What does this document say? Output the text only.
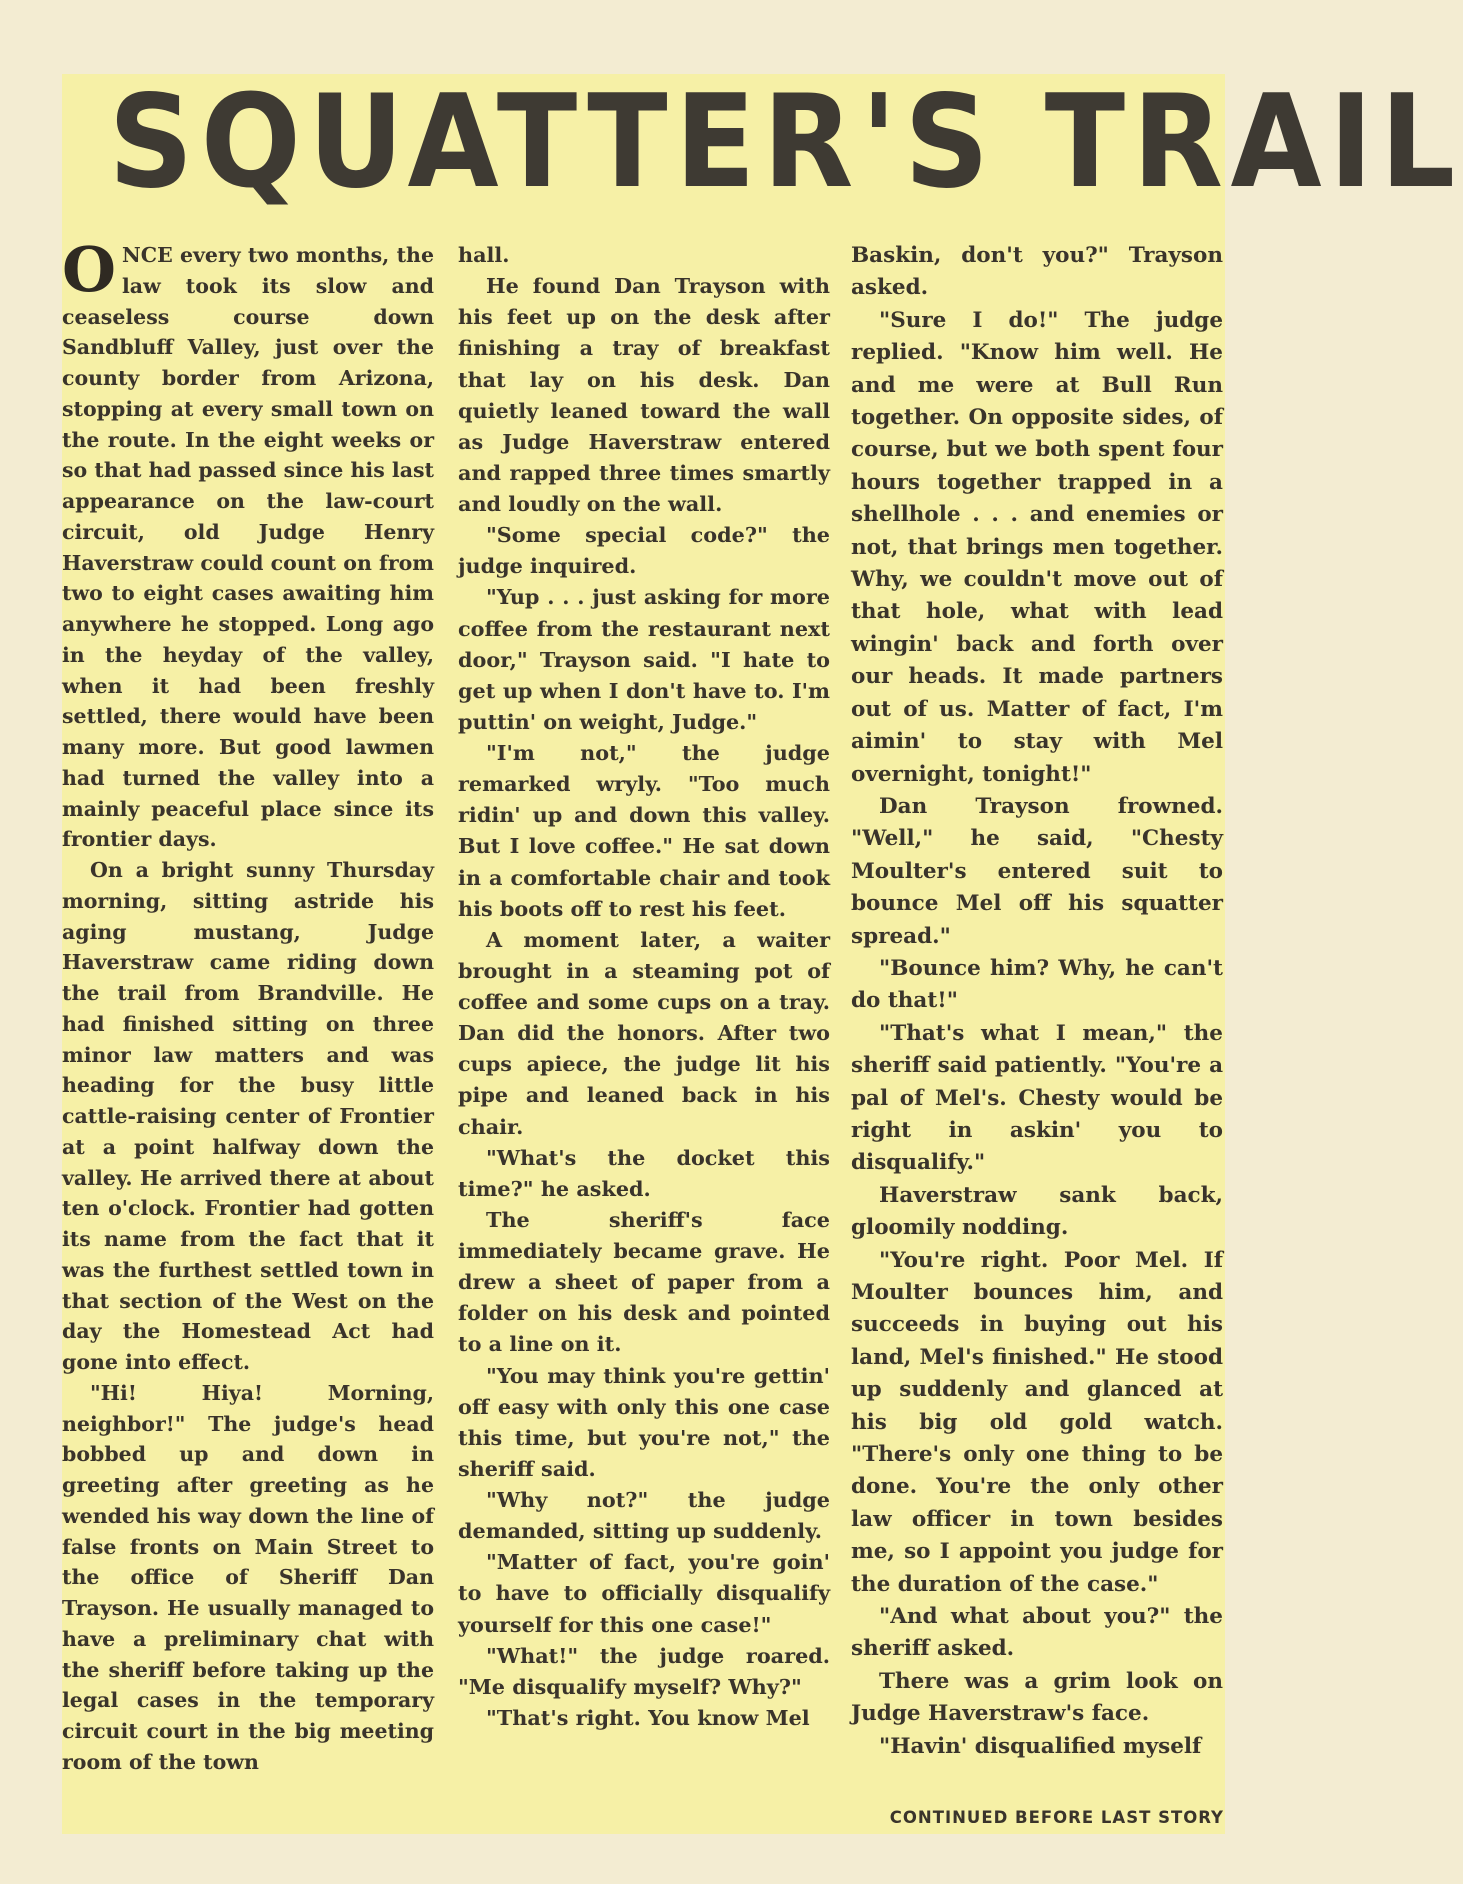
SQUATTER'S TRAIL

ONCE every two months, the law took its slow and ceaseless course down Sandbluff Valley, just over the county border from Arizona, stopping at every small town on the route. In the eight weeks or so that had passed since his last appearance on the law-court circuit, old Judge Henry Haverstraw could count on from two to eight cases awaiting him anywhere he stopped. Long ago in the heyday of the valley, when it had been freshly settled, there would have been many more. But good lawmen had turned the valley into a mainly peaceful place since its frontier days.

On a bright sunny Thursday morning, sitting astride his aging mustang, Judge Haverstraw came riding down the trail from Brandville. He had finished sitting on three minor law matters and was heading for the busy little cattle-raising center of Frontier at a point halfway down the valley. He arrived there at about ten o'clock. Frontier had gotten its name from the fact that it was the furthest settled town in that section of the West on the day the Homestead Act had gone into effect.

"Hi! Hiya! Morning, neighbor!" The judge's head bobbed up and down in greeting after greeting as he wended his way down the line of false fronts on Main Street to the office of Sheriff Dan Trayson. He usually managed to have a preliminary chat with the sheriff before taking up the legal cases in the temporary circuit court in the big meeting room of the town

hall.

He found Dan Trayson with his feet up on the desk after finishing a tray of breakfast that lay on his desk. Dan quietly leaned toward the wall as Judge Haverstraw entered and rapped three times smartly and loudly on the wall.

"Some special code?" the judge inquired.

"Yup . . . just asking for more coffee from the restaurant next door," Trayson said. "I hate to get up when I don't have to. I'm puttin' on weight, Judge."

"I'm not," the judge remarked wryly. "Too much ridin' up and down this valley. But I love coffee." He sat down in a comfortable chair and took his boots off to rest his feet.

A moment later, a waiter brought in a steaming pot of coffee and some cups on a tray. Dan did the honors. After two cups apiece, the judge lit his pipe and leaned back in his chair.

"What's the docket this time?" he asked.

The sheriff's face immediately became grave. He drew a sheet of paper from a folder on his desk and pointed to a line on it.

"You may think you're gettin' off easy with only this one case this time, but you're not," the sheriff said.

"Why not?" the judge demanded, sitting up suddenly.

"Matter of fact, you're goin' to have to officially disqualify yourself for this one case!"

"What!" the judge roared. "Me disqualify myself? Why?"

"That's right. You know Mel

Baskin, don't you?" Trayson asked.

"Sure I do!" The judge replied. "Know him well. He and me were at Bull Run together. On opposite sides, of course, but we both spent four hours together trapped in a shellhole . . . and enemies or not, that brings men together. Why, we couldn't move out of that hole, what with lead wingin' back and forth over our heads. It made partners out of us. Matter of fact, I'm aimin' to stay with Mel overnight, tonight!"

Dan Trayson frowned. "Well," he said, "Chesty Moulter's entered suit to bounce Mel off his squatter spread."

"Bounce him? Why, he can't do that!"

"That's what I mean," the sheriff said patiently. "You're a pal of Mel's. Chesty would be right in askin' you to disqualify."

Haverstraw sank back, gloomily nodding.

"You're right. Poor Mel. If Moulter bounces him, and succeeds in buying out his land, Mel's finished." He stood up suddenly and glanced at his big old gold watch. "There's only one thing to be done. You're the only other law officer in town besides me, so I appoint you judge for the duration of the case."

"And what about you?" the sheriff asked.

There was a grim look on Judge Haverstraw's face.

"Havin' disqualified myself

CONTINUED BEFORE LAST STORY
